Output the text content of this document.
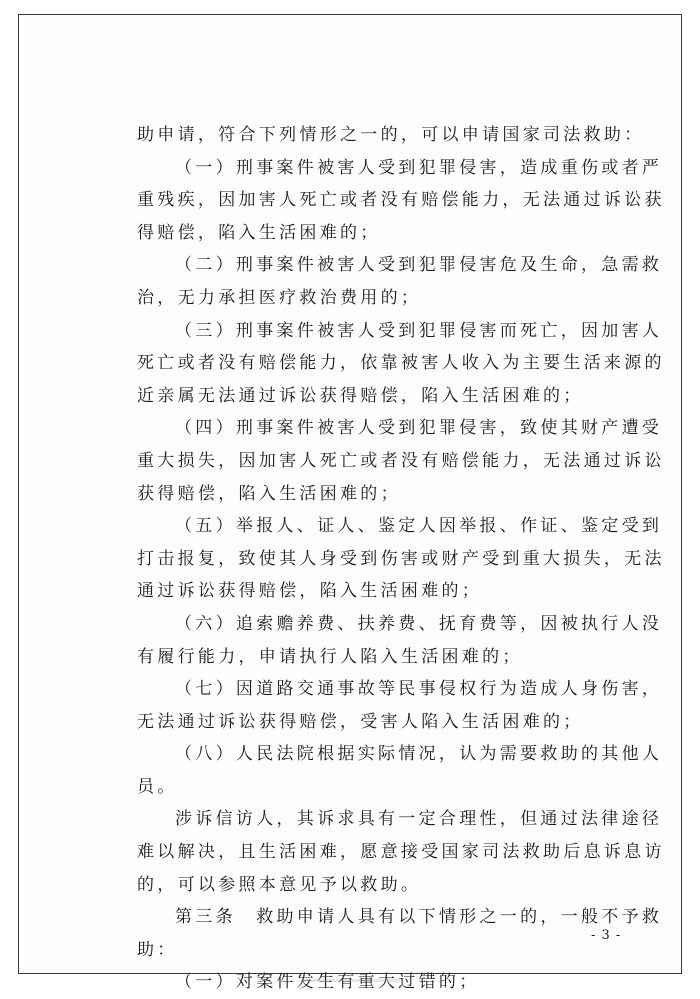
助申请，符合下列情形之一的，可以申请国家司法救助：
（一）刑事案件被害人受到犯罪侵害，造成重伤或者严
重残疾，因加害人死亡或者没有赔偿能力，无法通过诉讼获
得赔偿，陷入生活困难的；
（二）刑事案件被害人受到犯罪侵害危及生命，急需救
治，无力承担医疗救治费用的；
（三）刑事案件被害人受到犯罪侵害而死亡，因加害人
死亡或者没有赔偿能力，依靠被害人收入为主要生活来源的
近亲属无法通过诉讼获得赔偿，陷入生活困难的；
（四）刑事案件被害人受到犯罪侵害，致使其财产遭受
重大损失，因加害人死亡或者没有赔偿能力，无法通过诉讼
获得赔偿，陷入生活困难的；
（五）举报人、证人、鉴定人因举报、作证、鉴定受到
打击报复，致使其人身受到伤害或财产受到重大损失，无法
通过诉讼获得赔偿，陷入生活困难的；
（六）追索赡养费、扶养费、抚育费等，因被执行人没
有履行能力，申请执行人陷入生活困难的；
（七）因道路交通事故等民事侵权行为造成人身伤害，
无法通过诉讼获得赔偿，受害人陷入生活困难的；
（八）人民法院根据实际情况，认为需要救助的其他人
员。
涉诉信访人，其诉求具有一定合理性，但通过法律途径
难以解决，且生活困难，愿意接受国家司法救助后息诉息访
的，可以参照本意见予以救助。
第三条　救助申请人具有以下情形之一的，一般不予救
助：
（一）对案件发生有重大过错的；
- 3 -
